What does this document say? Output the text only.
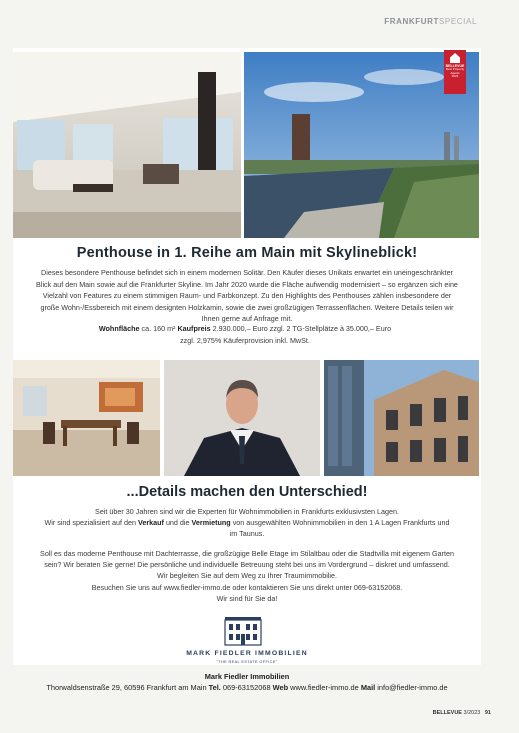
FRANKFURTSPECIAL
BELLEVUE
Best Property
Agents
2023
Penthouse in 1. Reihe am Main mit Skylineblick!
Dieses besondere Penthouse befindet sich in einem modernen Solitär. Den Käufer dieses Unikats erwartet ein uneingeschränkter Blick auf den Main sowie auf die Frankfurter Skyline. Im Jahr 2020 wurde die Fläche aufwendig modernisiert – so ergänzen sich eine Vielzahl von Features zu einem stimmigen Raum- und Farbkonzept. Zu den Highlights des Penthouses zählen insbesondere der große Wohn-/Essbereich mit einem designten Holzkamin, sowie die zwei großzügigen Terrassenflächen. Weitere Details teilen wir Ihnen gerne auf Anfrage mit.
Wohnfläche ca. 160 m² Kaufpreis 2.930.000,– Euro zzgl. 2 TG-Stellplätze à 35.000,– Euro
zzgl. 2,975% Käuferprovision inkl. MwSt.
...Details machen den Unterschied!
Seit über 30 Jahren sind wir die Experten für Wohnimmobilien in Frankfurts exklusivsten Lagen.
Wir sind spezialisiert auf den Verkauf und die Vermietung von ausgewählten Wohnimmobilien in den 1 A Lagen Frankfurts und im Taunus.
Soll es das moderne Penthouse mit Dachterrasse, die großzügige Belle Etage im Stilaltbau oder die Stadtvilla mit eigenem Garten sein? Wir beraten Sie gerne! Die persönliche und individuelle Betreuung steht bei uns im Vordergrund – diskret und umfassend. Wir begleiten Sie auf dem Weg zu Ihrer Traumimmobilie.
Besuchen Sie uns auf www.fiedler-immo.de oder kontaktieren Sie uns direkt unter 069-63152068.
Wir sind für Sie da!
MARK FIEDLER IMMOBILIEN
"THE REAL ESTATE OFFICE"
Mark Fiedler Immobilien
Thorwaldsenstraße 29, 60596 Frankfurt am Main Tel. 069-63152068 Web www.fiedler-immo.de Mail info@fiedler-immo.de
BELLEVUE 3/2023 91
